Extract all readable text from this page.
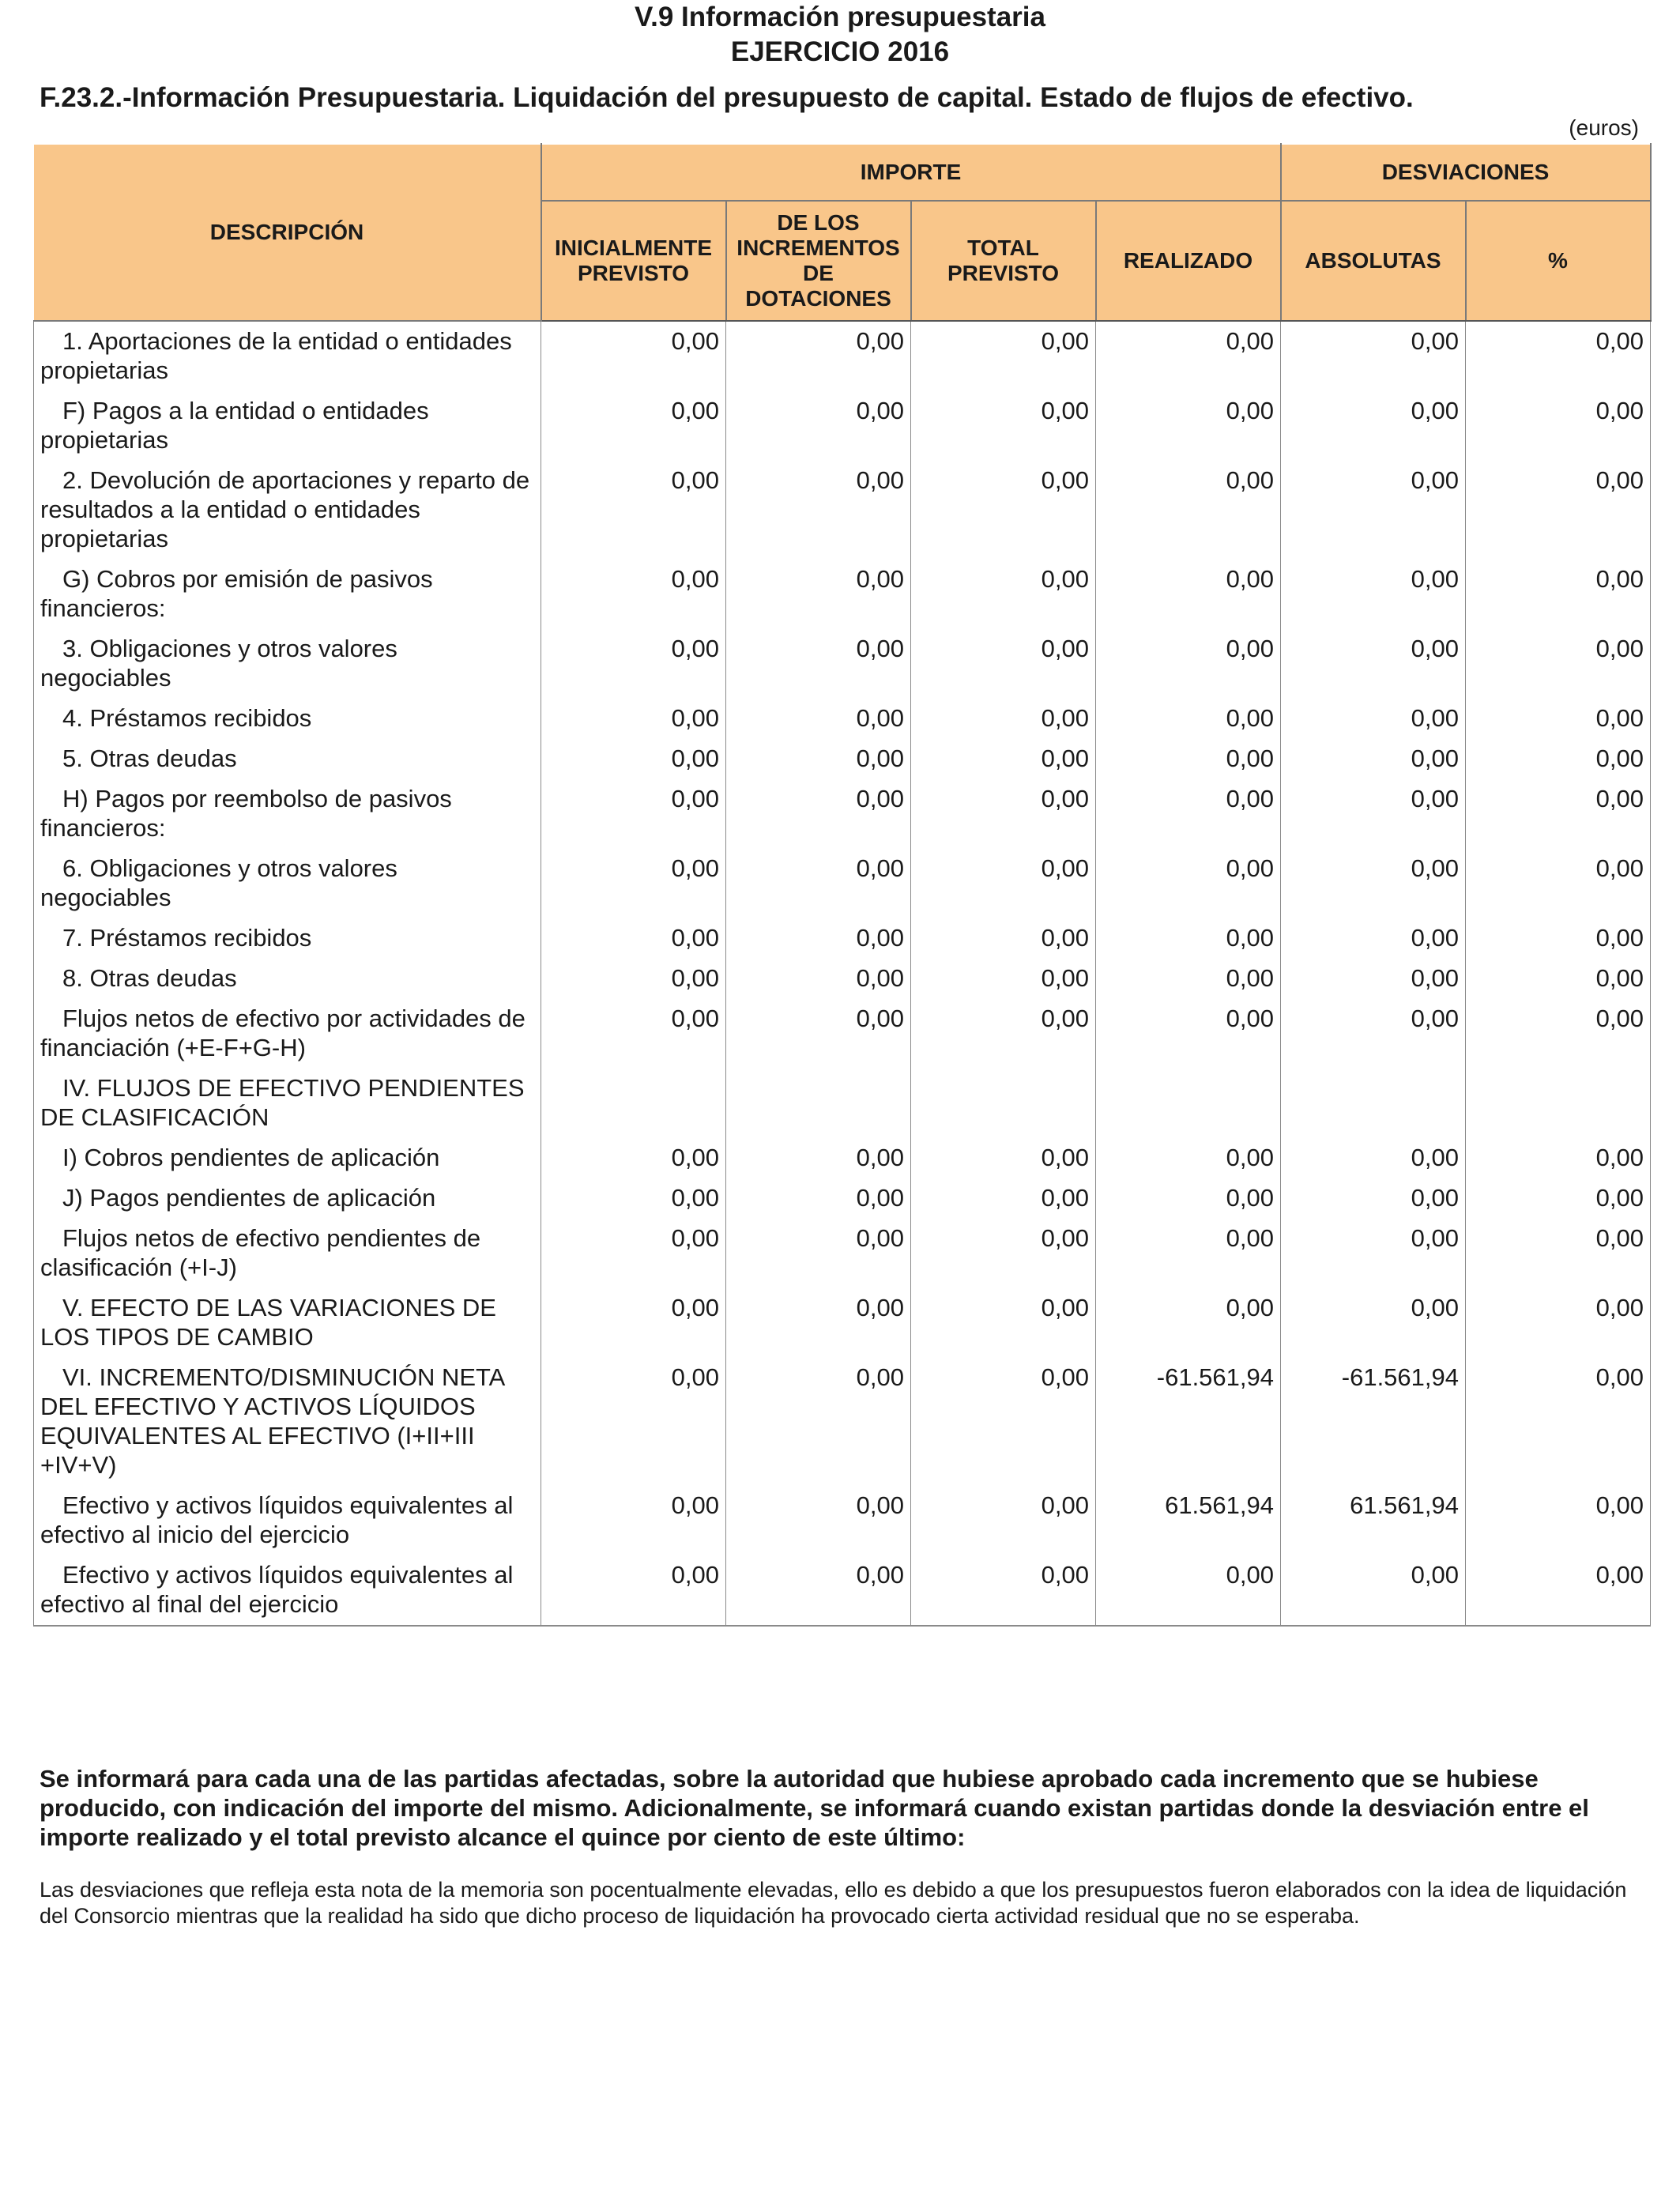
V.9 Información presupuestaria
EJERCICIO 2016
F.23.2.-Información Presupuestaria. Liquidación del presupuesto de capital. Estado de flujos de efectivo.
(euros)
DESCRIPCIÓN	IMPORTE				DESVIACIONES	
	INICIALMENTE PREVISTO	DE LOS INCREMENTOS DE DOTACIONES	TOTAL PREVISTO	REALIZADO	ABSOLUTAS	%
1. Aportaciones de la entidad o entidades propietarias	0,00	0,00	0,00	0,00	0,00	0,00
F) Pagos a la entidad o entidades propietarias	0,00	0,00	0,00	0,00	0,00	0,00
2. Devolución de aportaciones y reparto de resultados a la entidad o entidades propietarias	0,00	0,00	0,00	0,00	0,00	0,00
G) Cobros por emisión de pasivos financieros:	0,00	0,00	0,00	0,00	0,00	0,00
3. Obligaciones y otros valores negociables	0,00	0,00	0,00	0,00	0,00	0,00
4. Préstamos recibidos	0,00	0,00	0,00	0,00	0,00	0,00
5. Otras deudas	0,00	0,00	0,00	0,00	0,00	0,00
H) Pagos por reembolso de pasivos financieros:	0,00	0,00	0,00	0,00	0,00	0,00
6. Obligaciones y otros valores negociables	0,00	0,00	0,00	0,00	0,00	0,00
7. Préstamos recibidos	0,00	0,00	0,00	0,00	0,00	0,00
8. Otras deudas	0,00	0,00	0,00	0,00	0,00	0,00
Flujos netos de efectivo por actividades de financiación (+E-F+G-H)	0,00	0,00	0,00	0,00	0,00	0,00
IV. FLUJOS DE EFECTIVO PENDIENTES DE CLASIFICACIÓN						
I) Cobros pendientes de aplicación	0,00	0,00	0,00	0,00	0,00	0,00
J) Pagos pendientes de aplicación	0,00	0,00	0,00	0,00	0,00	0,00
Flujos netos de efectivo pendientes de clasificación (+I-J)	0,00	0,00	0,00	0,00	0,00	0,00
V. EFECTO DE LAS VARIACIONES DE LOS TIPOS DE CAMBIO	0,00	0,00	0,00	0,00	0,00	0,00
VI. INCREMENTO/DISMINUCIÓN NETA DEL EFECTIVO Y ACTIVOS LÍQUIDOS EQUIVALENTES AL EFECTIVO (I+II+III +IV+V)	0,00	0,00	0,00	-61.561,94	-61.561,94	0,00
Efectivo y activos líquidos equivalentes al efectivo al inicio del ejercicio	0,00	0,00	0,00	61.561,94	61.561,94	0,00
Efectivo y activos líquidos equivalentes al efectivo al final del ejercicio	0,00	0,00	0,00	0,00	0,00	0,00
Se informará para cada una de las partidas afectadas, sobre la autoridad que hubiese aprobado cada incremento que se hubiese producido, con indicación del importe del mismo. Adicionalmente, se informará cuando existan partidas donde la desviación entre el importe realizado y el total previsto alcance el quince por ciento de este último:
Las desviaciones que refleja esta nota de la memoria son pocentualmente elevadas, ello es debido a que los presupuestos fueron elaborados con la idea de liquidación del Consorcio mientras que la realidad ha sido que dicho proceso de liquidación ha provocado cierta actividad residual que no se esperaba.
